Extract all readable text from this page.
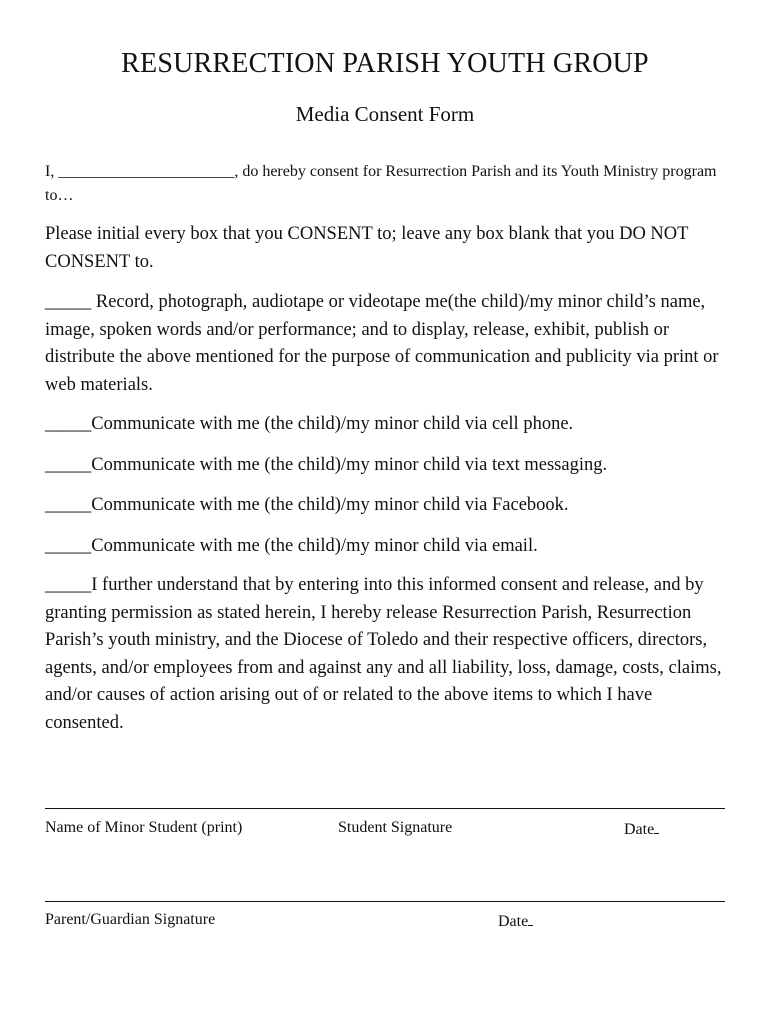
RESURRECTION PARISH YOUTH GROUP
Media Consent Form
I, ______________________, do hereby consent for Resurrection Parish and its Youth Ministry program to…
Please initial every box that you CONSENT to; leave any box blank that you DO NOT CONSENT to.
_____ Record, photograph, audiotape or videotape me(the child)/my minor child’s name, image, spoken words and/or performance; and to display, release, exhibit, publish or distribute the above mentioned for the purpose of communication and publicity via print or web materials.
_____Communicate with me (the child)/my minor child via cell phone.
_____Communicate with me (the child)/my minor child via text messaging.
_____Communicate with me (the child)/my minor child via Facebook.
_____Communicate with me (the child)/my minor child via email.
_____I further understand that by entering into this informed consent and release, and by granting permission as stated herein, I hereby release Resurrection Parish, Resurrection Parish’s youth ministry, and the Diocese of Toledo and their respective officers, directors, agents, and/or employees from and against any and all liability, loss, damage, costs, claims, and/or causes of action arising out of or related to the above items to which I have consented.
Name of Minor Student (print)	Student Signature	Date
Parent/Guardian Signature	Date
